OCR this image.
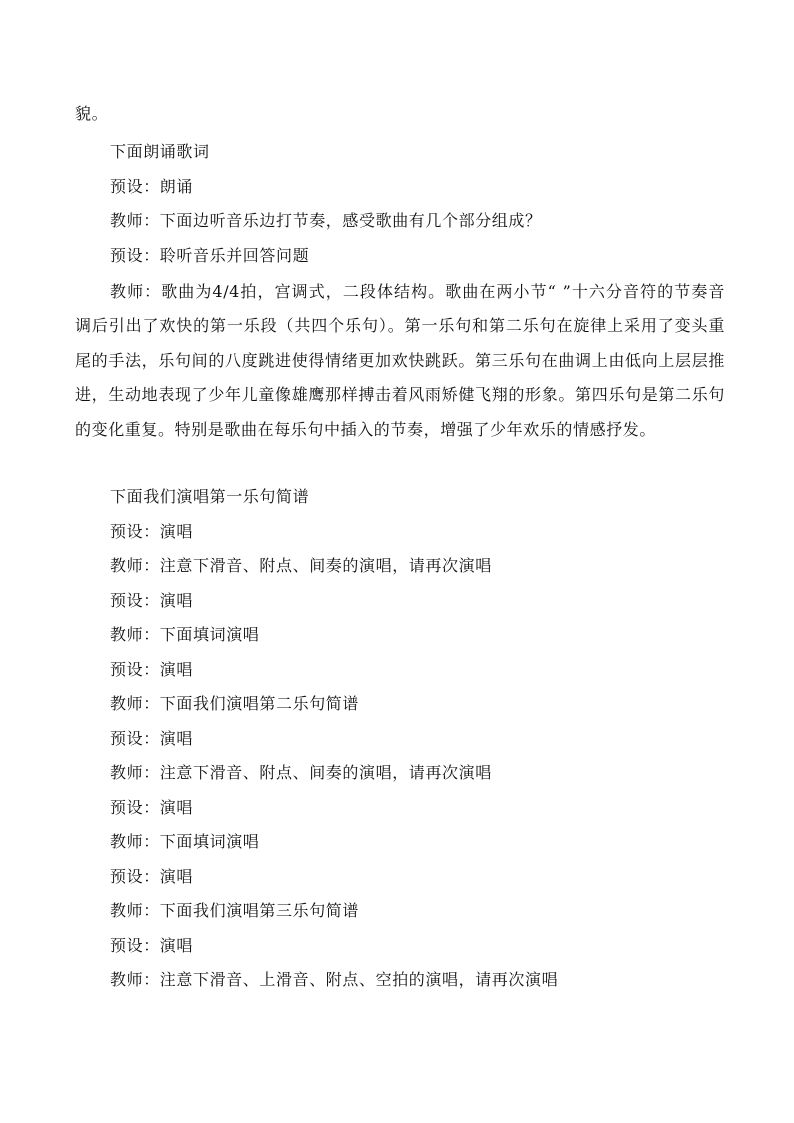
貌。
下面朗诵歌词
预设：朗诵
教师：下面边听音乐边打节奏，感受歌曲有几个部分组成？
预设：聆听音乐并回答问题
教师：歌曲为4/4拍，宫调式，二段体结构。歌曲在两小节“ ”十六分音符的节奏音调后引出了欢快的第一乐段（共四个乐句）。第一乐句和第二乐句在旋律上采用了变头重尾的手法，乐句间的八度跳进使得情绪更加欢快跳跃。第三乐句在曲调上由低向上层层推进，生动地表现了少年儿童像雄鹰那样搏击着风雨矫健飞翔的形象。第四乐句是第二乐句的变化重复。特别是歌曲在每乐句中插入的节奏，增强了少年欢乐的情感抒发。
下面我们演唱第一乐句简谱
预设：演唱
教师：注意下滑音、附点、间奏的演唱，请再次演唱
预设：演唱
教师：下面填词演唱
预设：演唱
教师：下面我们演唱第二乐句简谱
预设：演唱
教师：注意下滑音、附点、间奏的演唱，请再次演唱
预设：演唱
教师：下面填词演唱
预设：演唱
教师：下面我们演唱第三乐句简谱
预设：演唱
教师：注意下滑音、上滑音、附点、空拍的演唱，请再次演唱
